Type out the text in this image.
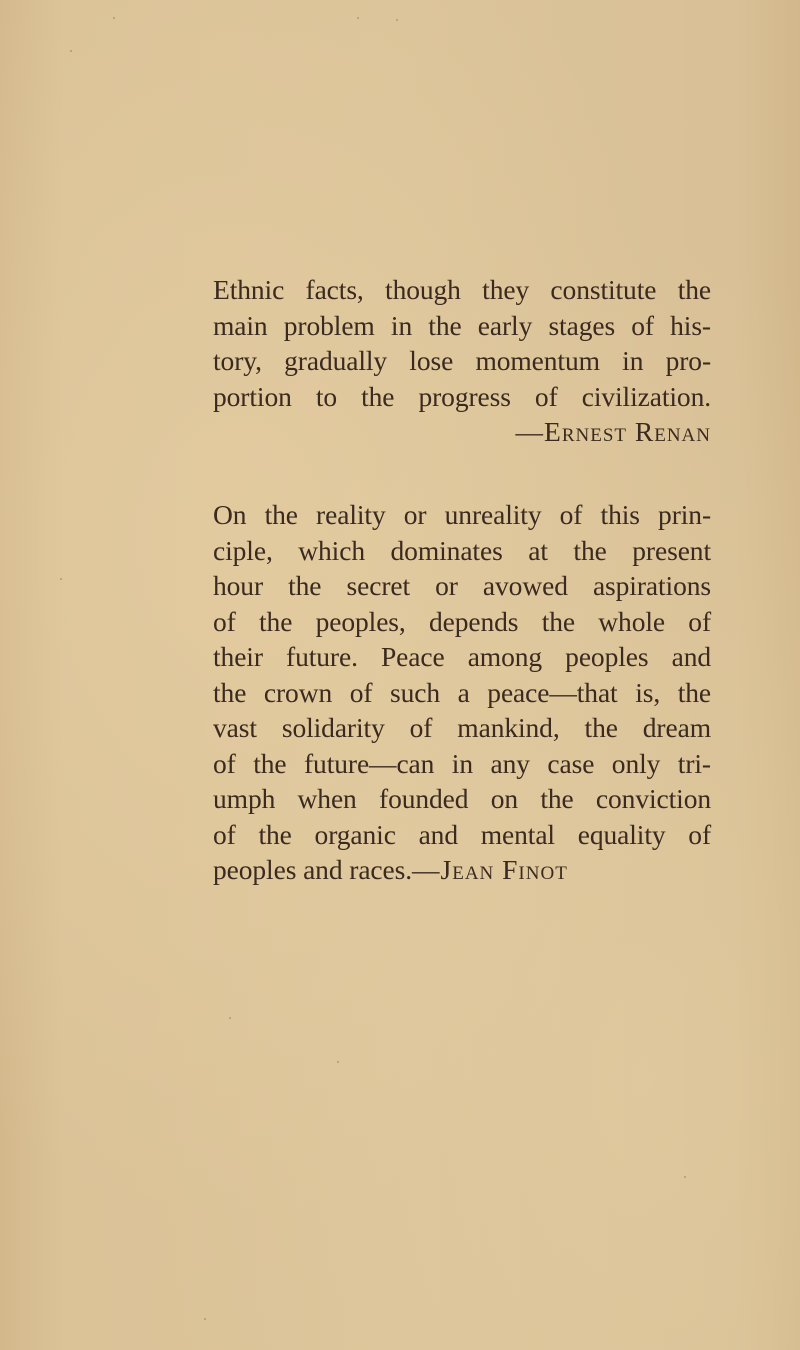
Ethnic facts, though they constitute the
main problem in the early stages of his-
tory, gradually lose momentum in pro-
portion to the progress of civilization.
—Ernest Renan
On the reality or unreality of this prin-
ciple, which dominates at the present
hour the secret or avowed aspirations
of the peoples, depends the whole of
their future. Peace among peoples and
the crown of such a peace—that is, the
vast solidarity of mankind, the dream
of the future—can in any case only tri-
umph when founded on the conviction
of the organic and mental equality of
peoples and races.—Jean Finot
